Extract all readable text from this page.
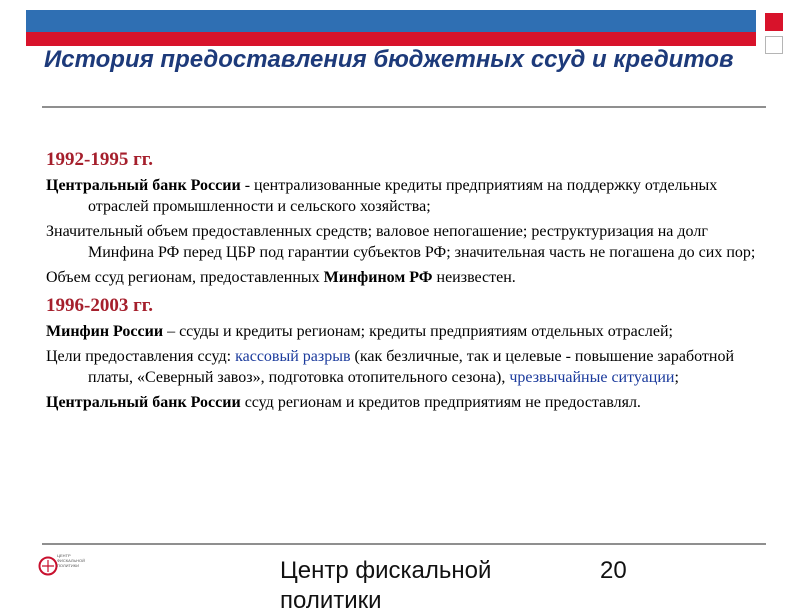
История предоставления бюджетных ссуд и кредитов
1992-1995 гг.

Центральный банк России - централизованные кредиты предприятиям на поддержку отдельных отраслей промышленности и сельского хозяйства;

Значительный объем предоставленных средств; валовое непогашение; реструктуризация на долг Минфина РФ перед ЦБР под гарантии субъектов РФ; значительная часть не погашена до сих пор;

Объем ссуд регионам, предоставленных Минфином РФ неизвестен.

1996-2003 гг.

Минфин России – ссуды и кредиты регионам; кредиты предприятиям отдельных отраслей;

Цели предоставления ссуд: кассовый разрыв (как безличные, так и целевые - повышение заработной платы, «Северный завоз», подготовка отопительного сезона), чрезвычайные ситуации;

Центральный банк России ссуд регионам и кредитов предприятиям не предоставлял.

ЦЕНТР
ФИСКАЛЬНОЙ
ПОЛИТИКИ	Центр фискальной
политики
20
